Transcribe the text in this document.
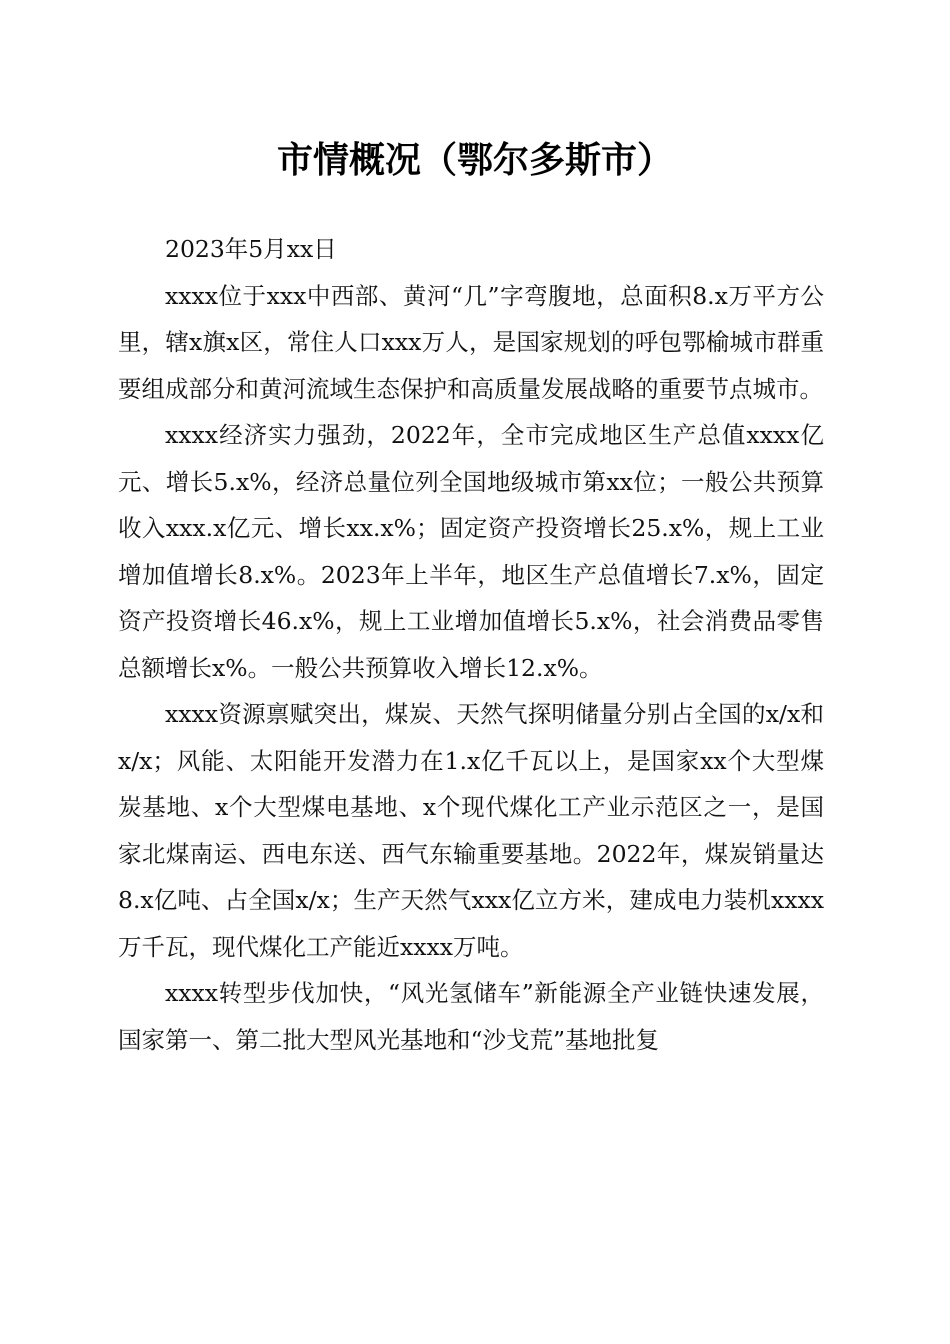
市情概况（鄂尔多斯市）

2023年5月xx日

xxxx位于xxx中西部、黄河“几”字弯腹地，总面积8.x万平方公里，辖x旗x区，常住人口xxx万人，是国家规划的呼包鄂榆城市群重要组成部分和黄河流域生态保护和高质量发展战略的重要节点城市。

xxxx经济实力强劲，2022年，全市完成地区生产总值xxxx亿元、增长5.x%，经济总量位列全国地级城市第xx位；一般公共预算收入xxx.x亿元、增长xx.x%；固定资产投资增长25.x%，规上工业增加值增长8.x%。2023年上半年，地区生产总值增长7.x%，固定资产投资增长46.x%，规上工业增加值增长5.x%，社会消费品零售总额增长x%。一般公共预算收入增长12.x%。

xxxx资源禀赋突出，煤炭、天然气探明储量分别占全国的x/x和x/x；风能、太阳能开发潜力在1.x亿千瓦以上，是国家xx个大型煤炭基地、x个大型煤电基地、x个现代煤化工产业示范区之一，是国家北煤南运、西电东送、西气东输重要基地。2022年，煤炭销量达8.x亿吨、占全国x/x；生产天然气xxx亿立方米，建成电力装机xxxx万千瓦，现代煤化工产能近xxxx万吨。

xxxx转型步伐加快，“风光氢储车”新能源全产业链快速发展，国家第一、第二批大型风光基地和“沙戈荒”基地批复
